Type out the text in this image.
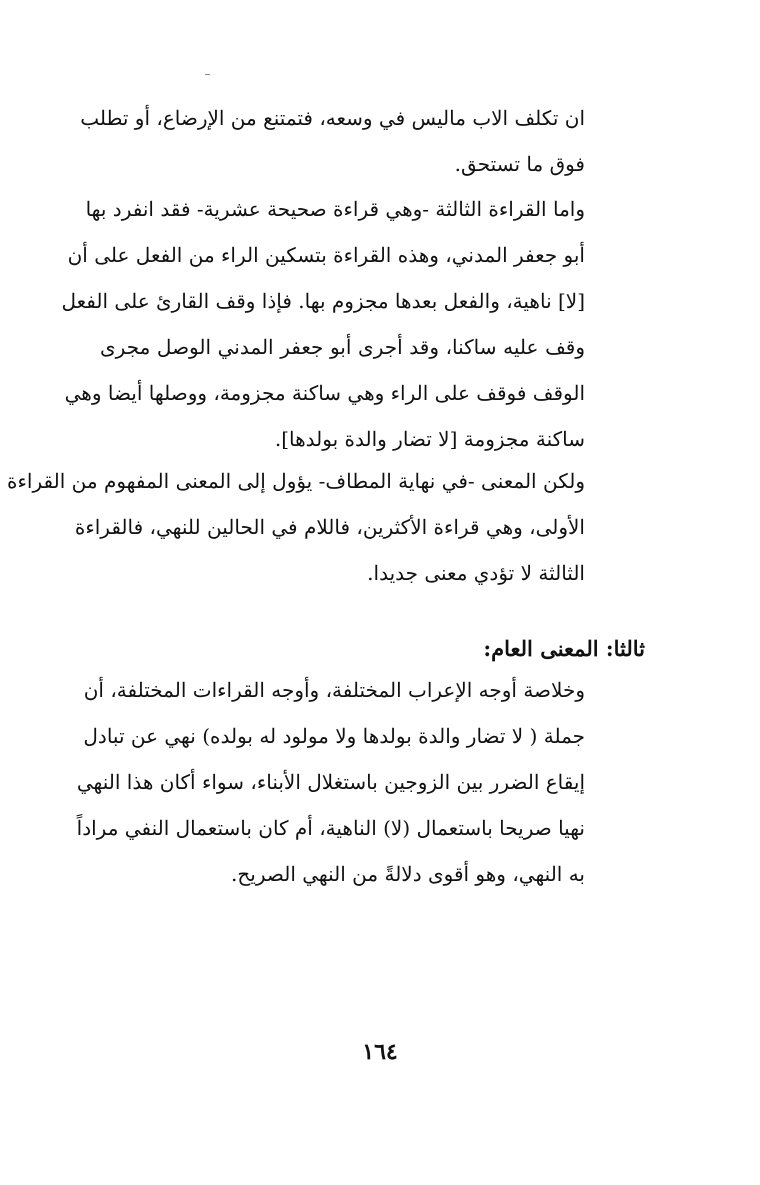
ان تكلف الاب ماليس في وسعه، فتمتنع من الإرضاع، أو تطلب
فوق ما تستحق.
واما القراءة الثالثة -وهي قراءة صحيحة عشرية- فقد انفرد بها
أبو جعفر المدني، وهذه القراءة بتسكين الراء من الفعل على أن
[لا] ناهية، والفعل بعدها مجزوم بها. فإذا وقف القارئ على الفعل
وقف عليه ساكنا، وقد أجرى أبو جعفر المدني الوصل مجرى
الوقف فوقف على الراء وهي ساكنة مجزومة، ووصلها أيضا وهي
ساكنة مجزومة [لا تضار والدة بولدها].
ولكن المعنى -في نهاية المطاف- يؤول إلى المعنى المفهوم من القراءة
الأولى، وهي قراءة الأكثرين، فاللام في الحالين للنهي، فالقراءة
الثالثة لا تؤدي معنى جديدا.
ثالثا: المعنى العام:
وخلاصة أوجه الإعراب المختلفة، وأوجه القراءات المختلفة، أن
جملة ( لا تضار والدة بولدها ولا مولود له بولده) نهي عن تبادل
إيقاع الضرر بين الزوجين باستغلال الأبناء، سواء أكان هذا النهي
نهيا صريحا باستعمال (لا) الناهية، أم كان باستعمال النفي مراداً
به النهي، وهو أقوى دلالةً من النهي الصريح.
١٦٤
